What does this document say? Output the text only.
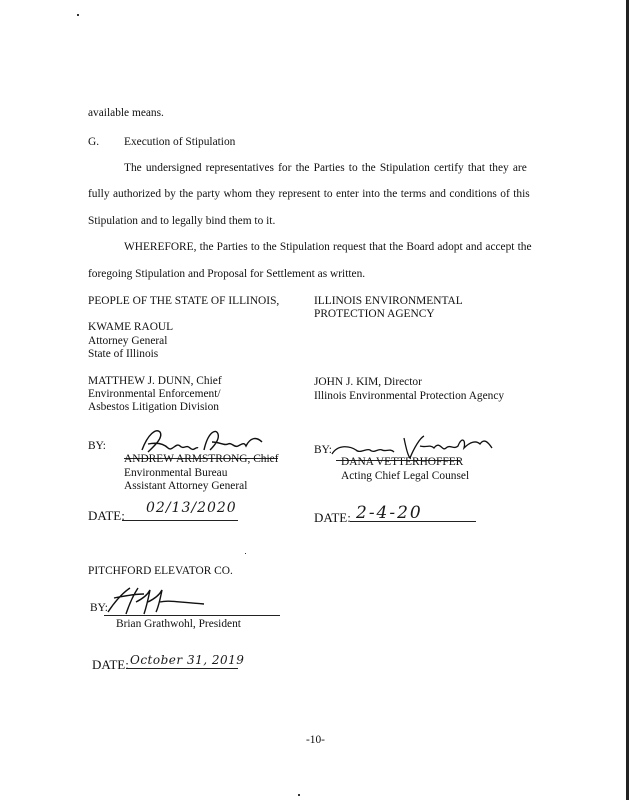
available means.
G. Execution of Stipulation
The undersigned representatives for the Parties to the Stipulation certify that they are
fully authorized by the party whom they represent to enter into the terms and conditions of this
Stipulation and to legally bind them to it.
WHEREFORE, the Parties to the Stipulation request that the Board adopt and accept the
foregoing Stipulation and Proposal for Settlement as written.
PEOPLE OF THE STATE OF ILLINOIS,
KWAME RAOUL
Attorney General
State of Illinois
MATTHEW J. DUNN, Chief
Environmental Enforcement/
Asbestos Litigation Division
BY:
ANDREW ARMSTRONG, Chief
Environmental Bureau
Assistant Attorney General
DATE: 02/13/2020
ILLINOIS ENVIRONMENTAL
PROTECTION AGENCY
JOHN J. KIM, Director
Illinois Environmental Protection Agency
BY:
DANA VETTERHOFFER
Acting Chief Legal Counsel
DATE: 2-4-20
PITCHFORD ELEVATOR CO.
BY:
Brian Grathwohl, President
DATE: October 31, 2019
-10-
